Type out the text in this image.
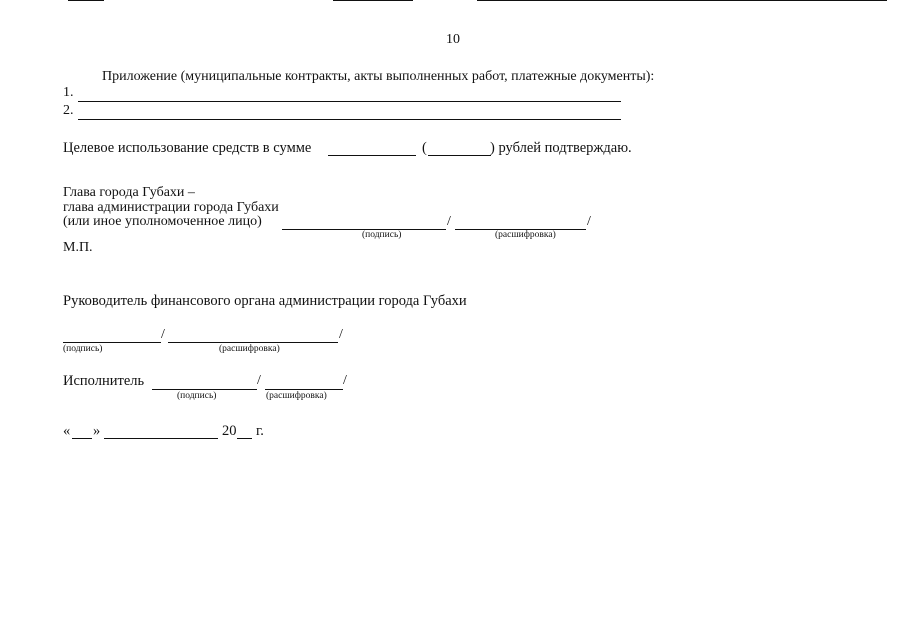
10
Приложение (муниципальные контракты, акты выполненных работ, платежные документы):
1.
2.
Целевое использование средств в сумме	(	) рублей подтверждаю.
Глава города Губахи –
глава администрации города Губахи
(или иное уполномоченное лицо)	/	/
(подпись)	(расшифровка)
М.П.
Руководитель финансового органа администрации города Губахи
/	/
(подпись)	(расшифровка)
Исполнитель	/	/
(подпись)	(расшифровка)
« »	20 г.
